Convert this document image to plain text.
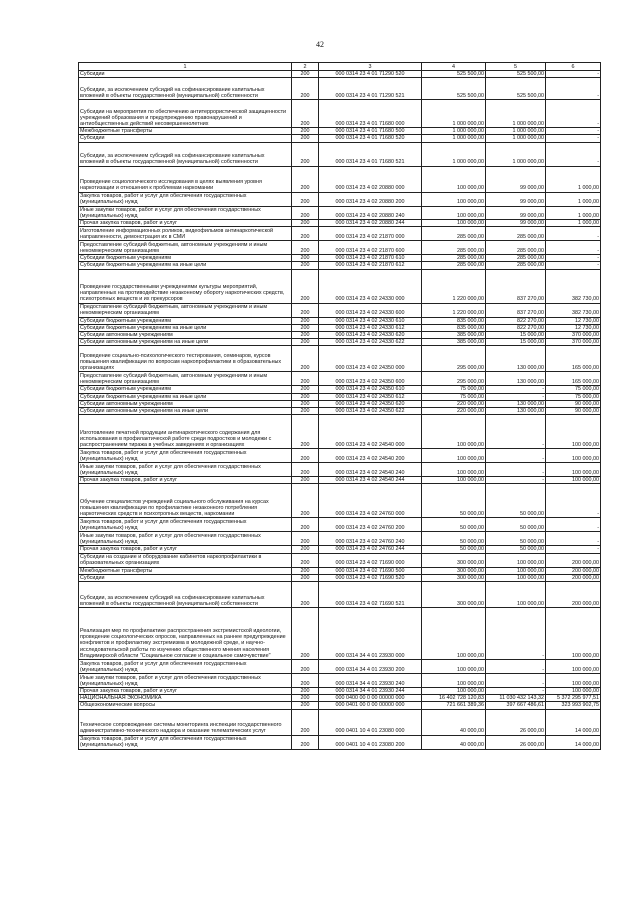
42
1	2	3	4	5	6
Субсидии	200	000 0314 23 4 01 71290 520	525 500,00	525 500,00	-
Субсидии, за исключением субсидий на софинансирование капитальных вложений в объекты государственной (муниципальной) собственности	200	000 0314 23 4 01 71290 521	525 500,00	525 500,00	-
Субсидии на мероприятия по обеспечению антитеррористической защищенности учреждений образования и предупреждению правонарушений и антиобщественных действий несовершеннолетних	200	000 0314 23 4 01 71680 000	1 000 000,00	1 000 000,00	-
Межбюджетные трансферты	200	000 0314 23 4 01 71680 500	1 000 000,00	1 000 000,00	-
Субсидии	200	000 0314 23 4 01 71680 520	1 000 000,00	1 000 000,00	-
Субсидии, за исключением субсидий на софинансирование капитальных вложений в объекты государственной (муниципальной) собственности	200	000 0314 23 4 01 71680 521	1 000 000,00	1 000 000,00	-
Проведение социологического исследования в целях выявления уровня наркотизации и отношения к проблемам наркомании	200	000 0314 23 4 02 20880 000	100 000,00	99 000,00	1 000,00
Закупка товаров, работ и услуг для обеспечения государственных (муниципальных) нужд	200	000 0314 23 4 02 20880 200	100 000,00	99 000,00	1 000,00
Иные закупки товаров, работ и услуг для обеспечения государственных (муниципальных) нужд	200	000 0314 23 4 02 20880 240	100 000,00	99 000,00	1 000,00
Прочая закупка товаров, работ и услуг	200	000 0314 23 4 02 20880 244	100 000,00	99 000,00	1 000,00
Изготовление информационных роликов, видеофильмов антинаркотической направленности, демонстрация их в СМИ	200	000 0314 23 4 02 21870 000	285 000,00	285 000,00	-
Предоставление субсидий бюджетным, автономным учреждениям и иным некоммерческим организациям	200	000 0314 23 4 02 21870 600	285 000,00	285 000,00	-
Субсидии бюджетным учреждениям	200	000 0314 23 4 02 21870 610	285 000,00	285 000,00	-
Субсидии бюджетным учреждениям на иные цели	200	000 0314 23 4 02 21870 612	285 000,00	285 000,00	-
Проведение государственными учреждениями культуры мероприятий, направленных на противодействие незаконному обороту наркотических средств, психотропных веществ и их прекурсоров	200	000 0314 23 4 02 24330 000	1 220 000,00	837 270,00	382 730,00
Предоставление субсидий бюджетным, автономным учреждениям и иным некоммерческим организациям	200	000 0314 23 4 02 24330 600	1 220 000,00	837 270,00	382 730,00
Субсидии бюджетным учреждениям	200	000 0314 23 4 02 24330 610	835 000,00	822 270,00	12 730,00
Субсидии бюджетным учреждениям на иные цели	200	000 0314 23 4 02 24330 612	835 000,00	822 270,00	12 730,00
Субсидии автономным учреждениям	200	000 0314 23 4 02 24330 620	385 000,00	15 000,00	370 000,00
Субсидии автономным учреждениям на иные цели	200	000 0314 23 4 02 24330 622	385 000,00	15 000,00	370 000,00
Проведение социально-психологического тестирования, семинаров, курсов повышения квалификации по вопросам наркопрофилактики в образовательных организациях	200	000 0314 23 4 02 24350 000	295 000,00	130 000,00	165 000,00
Предоставление субсидий бюджетным, автономным учреждениям и иным некоммерческим организациям	200	000 0314 23 4 02 24350 600	295 000,00	130 000,00	165 000,00
Субсидии бюджетным учреждениям	200	000 0314 23 4 02 24350 610	75 000,00	-	75 000,00
Субсидии бюджетным учреждениям на иные цели	200	000 0314 23 4 02 24350 612	75 000,00	-	75 000,00
Субсидии автономным учреждениям	200	000 0314 23 4 02 24350 620	220 000,00	130 000,00	90 000,00
Субсидии автономным учреждениям на иные цели	200	000 0314 23 4 02 24350 622	220 000,00	130 000,00	90 000,00
Изготовление печатной продукции антинаркотического содержания для использования в профилактической работе среди подростков и молодежи с распространением тиража в учебных заведениях и организациях	200	000 0314 23 4 02 24540 000	100 000,00	-	100 000,00
Закупка товаров, работ и услуг для обеспечения государственных (муниципальных) нужд	200	000 0314 23 4 02 24540 200	100 000,00	-	100 000,00
Иные закупки товаров, работ и услуг для обеспечения государственных (муниципальных) нужд	200	000 0314 23 4 02 24540 240	100 000,00	-	100 000,00
Прочая закупка товаров, работ и услуг	200	000 0314 23 4 02 24540 244	100 000,00	-	100 000,00
Обучение специалистов учреждений социального обслуживания на курсах повышения квалификации по профилактике незаконного потребления наркотических средств и психотропных веществ, наркомании	200	000 0314 23 4 02 24760 000	50 000,00	50 000,00	-
Закупка товаров, работ и услуг для обеспечения государственных (муниципальных) нужд	200	000 0314 23 4 02 24760 200	50 000,00	50 000,00	-
Иные закупки товаров, работ и услуг для обеспечения государственных (муниципальных) нужд	200	000 0314 23 4 02 24760 240	50 000,00	50 000,00	-
Прочая закупка товаров, работ и услуг	200	000 0314 23 4 02 24760 244	50 000,00	50 000,00	-
Субсидии на создание и оборудование кабинетов наркопрофилактики в образовательных организациях	200	000 0314 23 4 02 71690 000	300 000,00	100 000,00	200 000,00
Межбюджетные трансферты	200	000 0314 23 4 02 71690 500	300 000,00	100 000,00	200 000,00
Субсидии	200	000 0314 23 4 02 71690 520	300 000,00	100 000,00	200 000,00
Субсидии, за исключением субсидий на софинансирование капитальных вложений в объекты государственной (муниципальной) собственности	200	000 0314 23 4 02 71690 521	300 000,00	100 000,00	200 000,00
Реализация мер по профилактике распространения экстремистской идеологии, проведение социологических опросов, направленных на раннее предупреждение конфликтов и профилактику экстремизма в молодежной среде, и научно-исследовательской работы по изучению общественного мнения населения Владимирской области "Социальное согласие и социальное самочувствие"	200	000 0314 34 4 01 23930 000	100 000,00	-	100 000,00
Закупка товаров, работ и услуг для обеспечения государственных (муниципальных) нужд	200	000 0314 34 4 01 23930 200	100 000,00	-	100 000,00
Иные закупки товаров, работ и услуг для обеспечения государственных (муниципальных) нужд	200	000 0314 34 4 01 23930 240	100 000,00	-	100 000,00
Прочая закупка товаров, работ и услуг	200	000 0314 34 4 01 23930 244	100 000,00	-	100 000,00
НАЦИОНАЛЬНАЯ ЭКОНОМИКА	200	000 0400 00 0 00 00000 000	16 402 728 120,83	11 030 432 143,32	5 372 295 977,51
Общеэкономические вопросы	200	000 0401 00 0 00 00000 000	721 661 389,36	397 667 486,61	323 993 902,75
Техническое сопровождение системы мониторинга инспекции государственного административно-технического надзора и оказание телематических услуг	200	000 0401 10 4 01 23080 000	40 000,00	26 000,00	14 000,00
Закупка товаров, работ и услуг для обеспечения государственных (муниципальных) нужд	200	000 0401 10 4 01 23080 200	40 000,00	26 000,00	14 000,00
